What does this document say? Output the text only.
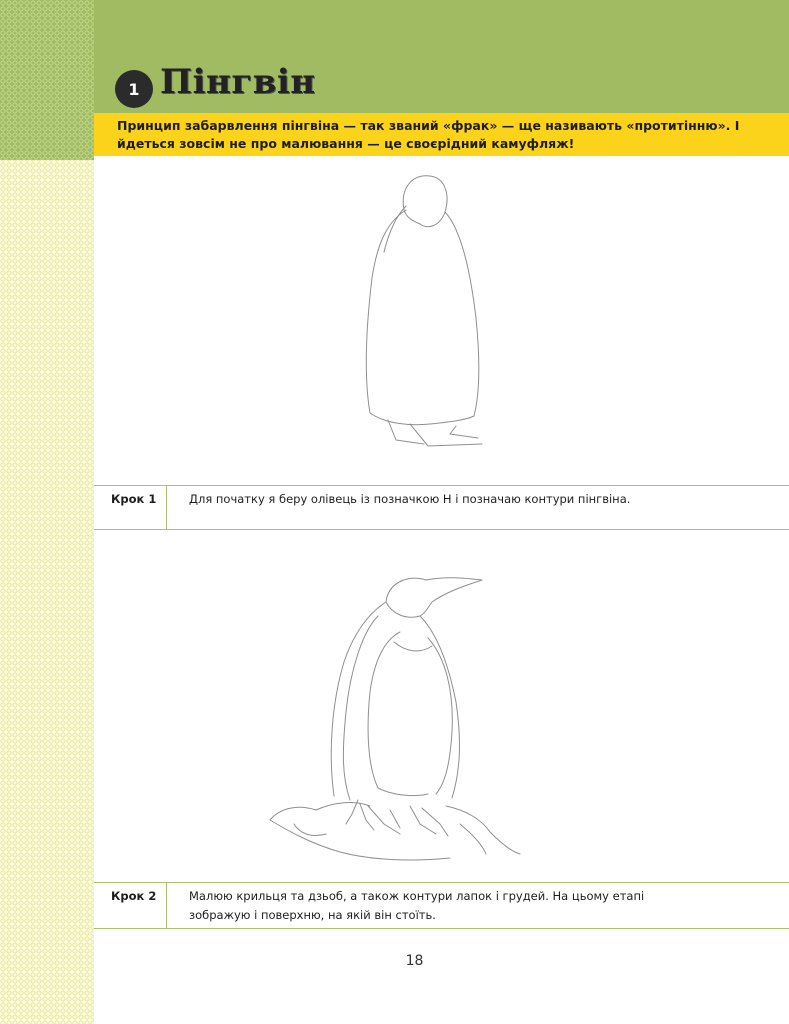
1 Пінгвін

Принцип забарвлення пінгвіна — так званий «фрак» — ще називають «протитінню». І йдеться зовсім не про малювання — це своєрідний камуфляж!

Крок 1	Для початку я беру олівець із позначкою H і позначаю контури пінгвіна.

Крок 2	Малюю крильця та дзьоб, а також контури лапок і грудей. На цьому етапі зображую і поверхню, на якій він стоїть.

18
